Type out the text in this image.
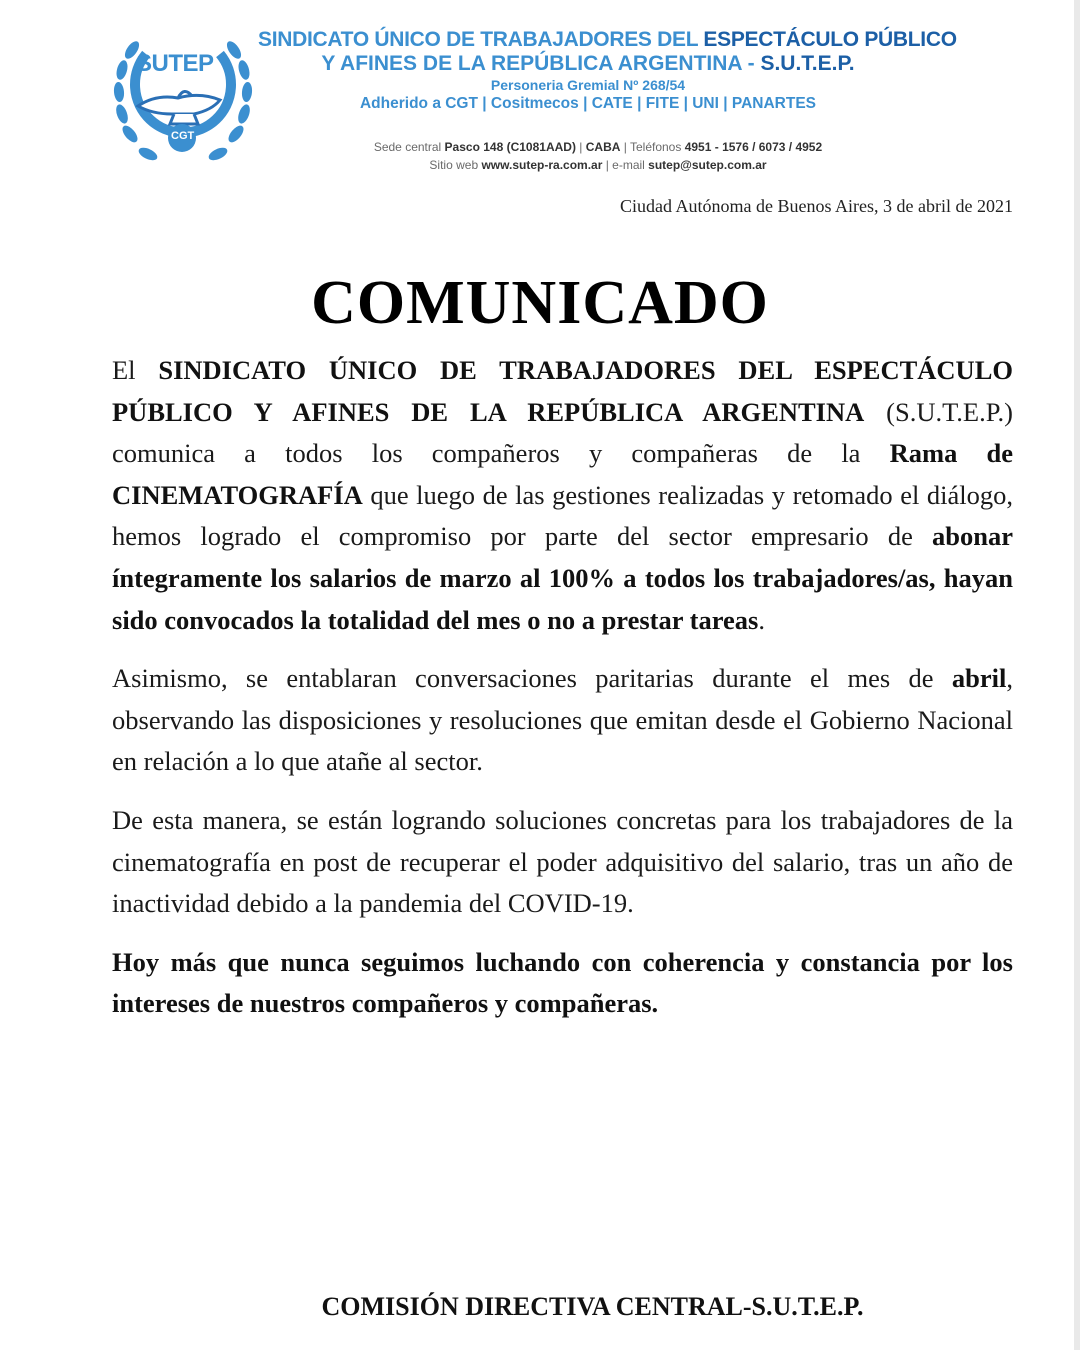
SUTEP
CGT
SINDICATO ÚNICO DE TRABAJADORES DEL ESPECTÁCULO PÚBLICO
Y AFINES DE LA REPÚBLICA ARGENTINA - S.U.T.E.P.
Personeria Gremial Nº 268/54
Adherido a CGT | Cositmecos | CATE | FITE | UNI | PANARTES
Sede central Pasco 148 (C1081AAD) | CABA | Teléfonos 4951 - 1576 / 6073 / 4952
Sitio web www.sutep-ra.com.ar | e-mail sutep@sutep.com.ar
Ciudad Autónoma de Buenos Aires, 3 de abril de 2021
COMUNICADO

El SINDICATO ÚNICO DE TRABAJADORES DEL ESPECTÁCULO PÚBLICO Y AFINES DE LA REPÚBLICA ARGENTINA (S.U.T.E.P.) comunica a todos los compañeros y compañeras de la Rama de CINEMATOGRAFÍA que luego de las gestiones realizadas y retomado el diálogo, hemos logrado el compromiso por parte del sector empresario de abonar íntegramente los salarios de marzo al 100% a todos los trabajadores/as, hayan sido convocados la totalidad del mes o no a prestar tareas.

Asimismo, se entablaran conversaciones paritarias durante el mes de abril, observando las disposiciones y resoluciones que emitan desde el Gobierno Nacional en relación a lo que atañe al sector.

De esta manera, se están logrando soluciones concretas para los trabajadores de la cinematografía en post de recuperar el poder adquisitivo del salario, tras un año de inactividad debido a la pandemia del COVID-19.

Hoy más que nunca seguimos luchando con coherencia y constancia por los intereses de nuestros compañeros y compañeras.

COMISIÓN DIRECTIVA CENTRAL-S.U.T.E.P.
